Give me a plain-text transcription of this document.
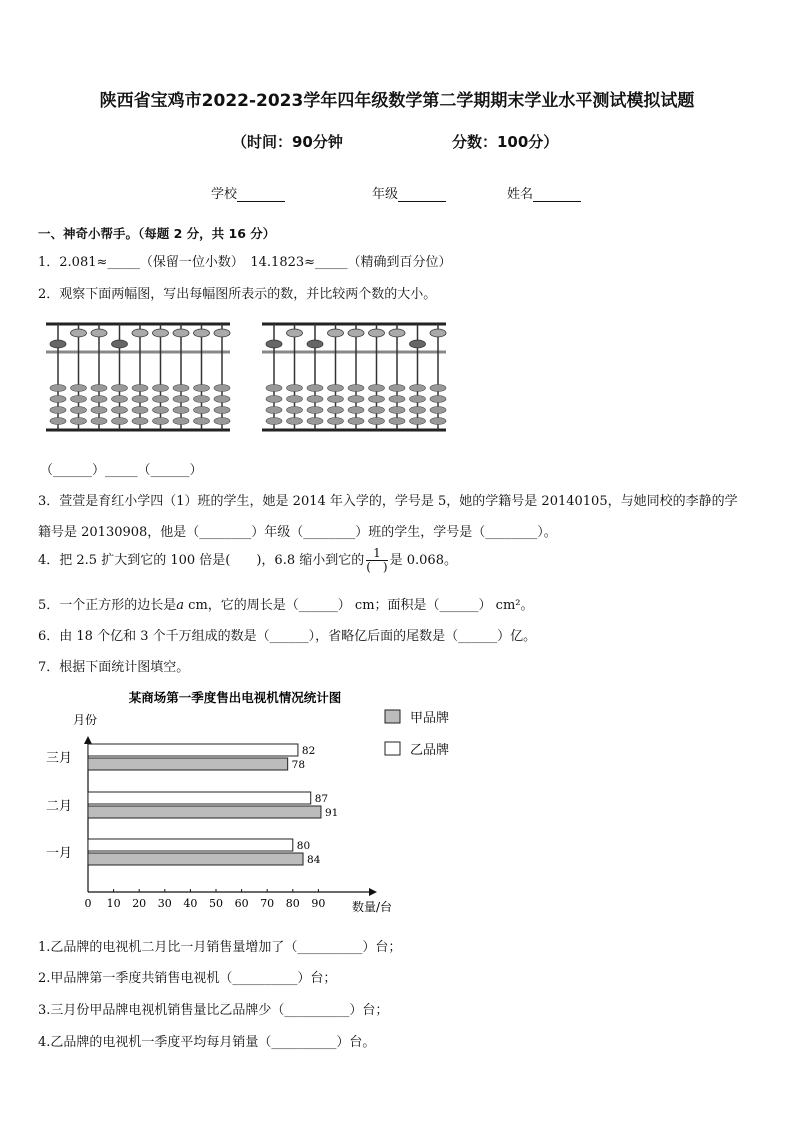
陕西省宝鸡市2022-2023学年四年级数学第二学期期末学业水平测试模拟试题
（时间：90分钟	分数：100分）
学校	年级	姓名
一、神奇小帮手。（每题 2 分，共 16 分）
1．2.081≈_____（保留一位小数）　14.1823≈_____（精确到百分位）
2．观察下面两幅图，写出每幅图所表示的数，并比较两个数的大小。
（______）_____（______）
3．萱萱是育红小学四（1）班的学生，她是 2014 年入学的，学号是 5，她的学籍号是 20140105，与她同校的李静的学
籍号是 20130908，他是（________）年级（________）班的学生，学号是（________）。
4．把 2.5 扩大到它的 100 倍是(　　)，6.8 缩小到它的 $\frac{1}{( )}$ 是 0.068。
5．一个正方形的边长是a cm，它的周长是（______） cm；面积是（______） cm²。
6．由 18 个亿和 3 个千万组成的数是（______），省略亿后面的尾数是（______）亿。
7．根据下面统计图填空。
某商场第一季度售出电视机情况统计图
月份
数量/台
0 10 20 30 40 50 60 70 80 90
一月	80
84
二月	87
91
三月	82
78
甲品牌
乙品牌
1.乙品牌的电视机二月比一月销售量增加了（__________）台；
2.甲品牌第一季度共销售电视机（__________）台；
3.三月份甲品牌电视机销售量比乙品牌少（__________）台；
4.乙品牌的电视机一季度平均每月销量（__________）台。
